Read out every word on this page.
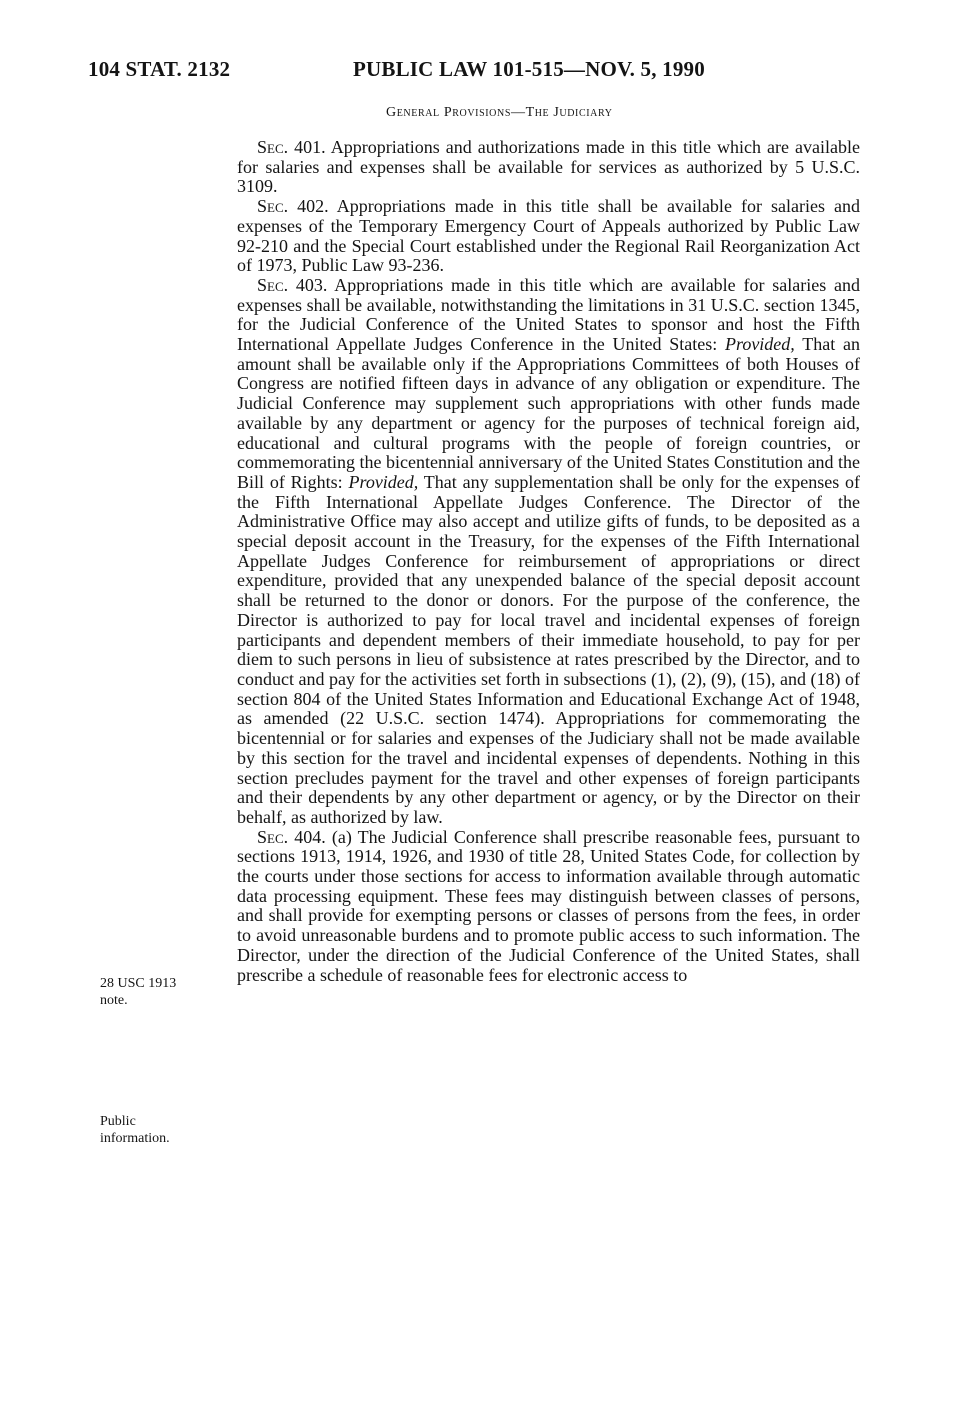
104 STAT. 2132	PUBLIC LAW 101-515—NOV. 5, 1990
General Provisions—The Judiciary
28 USC 1913
note.
Public
information.

Sec. 401. Appropriations and authorizations made in this title which are available for salaries and expenses shall be available for services as authorized by 5 U.S.C. 3109.

Sec. 402. Appropriations made in this title shall be available for salaries and expenses of the Temporary Emergency Court of Appeals authorized by Public Law 92-210 and the Special Court established under the Regional Rail Reorganization Act of 1973, Public Law 93-236.

Sec. 403. Appropriations made in this title which are available for salaries and expenses shall be available, notwithstanding the limitations in 31 U.S.C. section 1345, for the Judicial Conference of the United States to sponsor and host the Fifth International Appellate Judges Conference in the United States: Provided, That an amount shall be available only if the Appropriations Committees of both Houses of Congress are notified fifteen days in advance of any obligation or expenditure. The Judicial Conference may supplement such appropriations with other funds made available by any department or agency for the purposes of technical foreign aid, educational and cultural programs with the people of foreign countries, or commemorating the bicentennial anniversary of the United States Constitution and the Bill of Rights: Provided, That any supplementation shall be only for the expenses of the Fifth International Appellate Judges Conference. The Director of the Administrative Office may also accept and utilize gifts of funds, to be deposited as a special deposit account in the Treasury, for the expenses of the Fifth International Appellate Judges Conference for reimbursement of appropriations or direct expenditure, provided that any unexpended balance of the special deposit account shall be returned to the donor or donors. For the purpose of the conference, the Director is authorized to pay for local travel and incidental expenses of foreign participants and dependent members of their immediate household, to pay for per diem to such persons in lieu of subsistence at rates prescribed by the Director, and to conduct and pay for the activities set forth in subsections (1), (2), (9), (15), and (18) of section 804 of the United States Information and Educational Exchange Act of 1948, as amended (22 U.S.C. section 1474). Appropriations for commemorating the bicentennial or for salaries and expenses of the Judiciary shall not be made available by this section for the travel and incidental expenses of dependents. Nothing in this section precludes payment for the travel and other expenses of foreign participants and their dependents by any other department or agency, or by the Director on their behalf, as authorized by law.

Sec. 404. (a) The Judicial Conference shall prescribe reasonable fees, pursuant to sections 1913, 1914, 1926, and 1930 of title 28, United States Code, for collection by the courts under those sections for access to information available through automatic data processing equipment. These fees may distinguish between classes of persons, and shall provide for exempting persons or classes of persons from the fees, in order to avoid unreasonable burdens and to promote public access to such information. The Director, under the direction of the Judicial Conference of the United States, shall prescribe a schedule of reasonable fees for electronic access to
